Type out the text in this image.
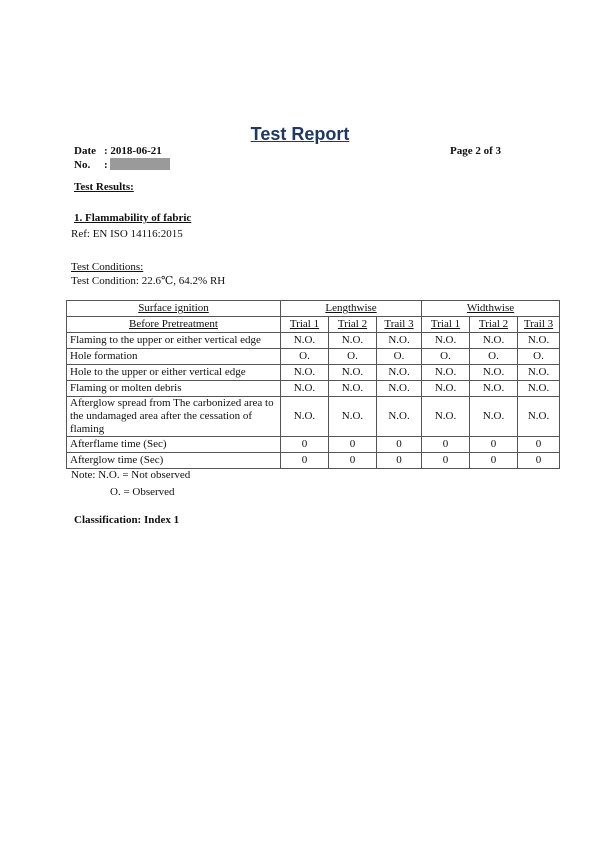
Test Report
Date : 2018-06-21
No. :
Page 2 of 3
Test Results:
1. Flammability of fabric
Ref: EN ISO 14116:2015
Test Conditions:
Test Condition: 22.6℃, 64.2% RH
Surface ignition	Lengthwise			Widthwise		
Before Pretreatment	Trial 1	Trial 2	Trail 3	Trial 1	Trial 2	Trail 3
Flaming to the upper or either vertical edge	N.O.	N.O.	N.O.	N.O.	N.O.	N.O.
Hole formation	O.	O.	O.	O.	O.	O.
Hole to the upper or either vertical edge	N.O.	N.O.	N.O.	N.O.	N.O.	N.O.
Flaming or molten debris	N.O.	N.O.	N.O.	N.O.	N.O.	N.O.
Afterglow spread from The carbonized area to the undamaged area after the cessation of flaming	N.O.	N.O.	N.O.	N.O.	N.O.	N.O.
Afterflame time (Sec)	0	0	0	0	0	0
Afterglow time (Sec)	0	0	0	0	0	0
Note: N.O. = Not observed
O. = Observed
Classification: Index 1
